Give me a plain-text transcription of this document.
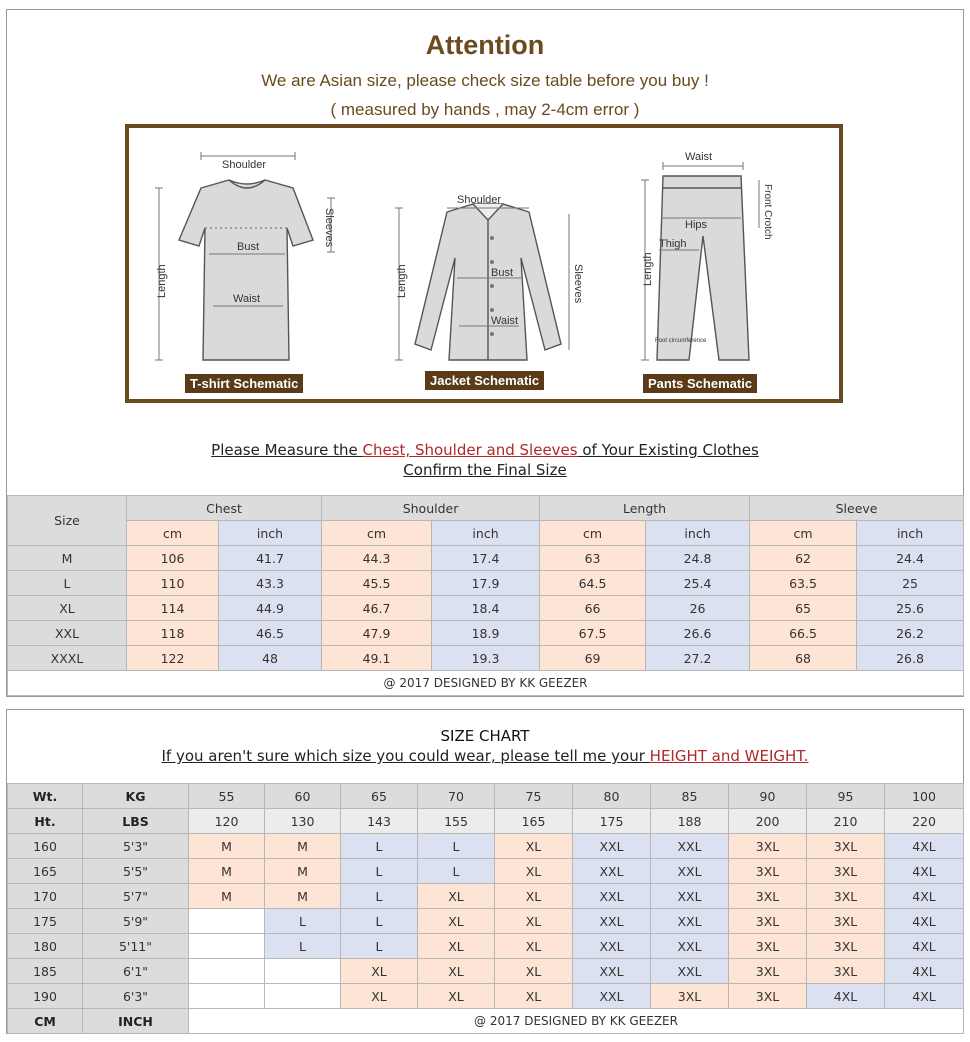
Attention
We are Asian size, please check size table before you buy !
( measured by hands , may 2-4cm error )
Shoulder
Bust
Waist
Length
Sleeves
Shoulder
Bust
Waist
Length	Sleeves
Waist
Hips
Thigh
Length
Front Crotch
Foot circumference
T-shirt Schematic	Jacket Schematic	Pants Schematic
Please Measure the Chest, Shoulder and Sleeves of Your Existing Clothes
Confirm the Final Size
Size	Chest		Shoulder		Length		Sleeve	
	cm	inch	cm	inch	cm	inch	cm	inch
M	106	41.7	44.3	17.4	63	24.8	62	24.4
L	110	43.3	45.5	17.9	64.5	25.4	63.5	25
XL	114	44.9	46.7	18.4	66	26	65	25.6
XXL	118	46.5	47.9	18.9	67.5	26.6	66.5	26.2
XXXL	122	48	49.1	19.3	69	27.2	68	26.8
@ 2017 DESIGNED BY KK GEEZER								
SIZE CHART
If you aren't sure which size you could wear, please tell me your HEIGHT and WEIGHT.
Wt.	KG	55	60	65	70	75	80	85	90	95	100
Ht.	LBS	120	130	143	155	165	175	188	200	210	220
160	5'3"	M	M	L	L	XL	XXL	XXL	3XL	3XL	4XL
165	5'5"	M	M	L	L	XL	XXL	XXL	3XL	3XL	4XL
170	5'7"	M	M	L	XL	XL	XXL	XXL	3XL	3XL	4XL
175	5'9"		L	L	XL	XL	XXL	XXL	3XL	3XL	4XL
180	5'11"		L	L	XL	XL	XXL	XXL	3XL	3XL	4XL
185	6'1"			XL	XL	XL	XXL	XXL	3XL	3XL	4XL
190	6'3"			XL	XL	XL	XXL	3XL	3XL	4XL	4XL
CM	INCH	@ 2017 DESIGNED BY KK GEEZER									
